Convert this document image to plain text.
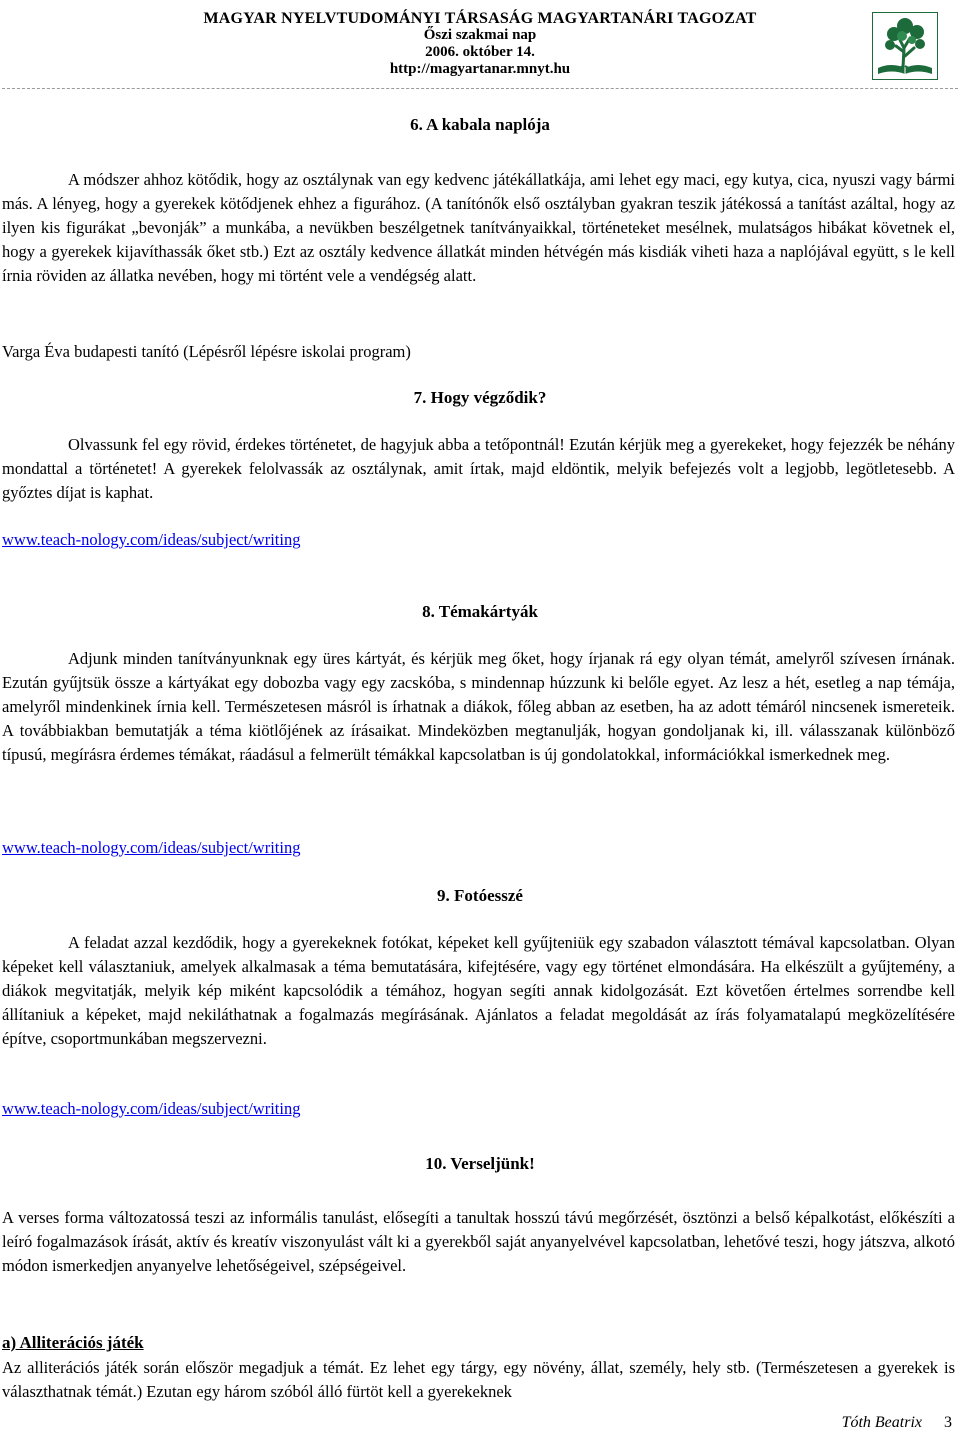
MAGYAR NYELVTUDOMÁNYI TÁRSASÁG MAGYARTANÁRI TAGOZAT
Őszi szakmai nap
2006. október 14.
http://magyartanar.mnyt.hu
6. A kabala naplója

A módszer ahhoz kötődik, hogy az osztálynak van egy kedvenc játékállatkája, ami lehet egy maci, egy kutya, cica, nyuszi vagy bármi más. A lényeg, hogy a gyerekek kötődjenek ehhez a figurához. (A tanítónők első osztályban gyakran teszik játékossá a tanítást azáltal, hogy az ilyen kis figurákat „bevonják” a munkába, a nevükben beszélgetnek tanítványaikkal, történeteket mesélnek, mulatságos hibákat követnek el, hogy a gyerekek kijavíthassák őket stb.) Ezt az osztály kedvence állatkát minden hétvégén más kisdiák viheti haza a naplójával együtt, s le kell írnia röviden az állatka nevében, hogy mi történt vele a vendégség alatt.

Varga Éva budapesti tanító (Lépésről lépésre iskolai program)
7. Hogy végződik?

Olvassunk fel egy rövid, érdekes történetet, de hagyjuk abba a tetőpontnál! Ezután kérjük meg a gyerekeket, hogy fejezzék be néhány mondattal a történetet! A gyerekek felolvassák az osztálynak, amit írtak, majd eldöntik, melyik befejezés volt a legjobb, legötletesebb. A győztes díjat is kaphat.

www.teach-nology.com/ideas/subject/writing
8. Témakártyák

Adjunk minden tanítványunknak egy üres kártyát, és kérjük meg őket, hogy írjanak rá egy olyan témát, amelyről szívesen írnának. Ezután gyűjtsük össze a kártyákat egy dobozba vagy egy zacskóba, s mindennap húzzunk ki belőle egyet. Az lesz a hét, esetleg a nap témája, amelyről mindenkinek írnia kell. Természetesen másról is írhatnak a diákok, főleg abban az esetben, ha az adott témáról nincsenek ismereteik. A továbbiakban bemutatják a téma kiötlőjének az írásaikat. Mindeközben megtanulják, hogyan gondoljanak ki, ill. válasszanak különböző típusú, megírásra érdemes témákat, ráadásul a felmerült témákkal kapcsolatban is új gondolatokkal, információkkal ismerkednek meg.

www.teach-nology.com/ideas/subject/writing
9. Fotóesszé

A feladat azzal kezdődik, hogy a gyerekeknek fotókat, képeket kell gyűjteniük egy szabadon választott témával kapcsolatban. Olyan képeket kell választaniuk, amelyek alkalmasak a téma bemutatására, kifejtésére, vagy egy történet elmondására. Ha elkészült a gyűjtemény, a diákok megvitatják, melyik kép miként kapcsolódik a témához, hogyan segíti annak kidolgozását. Ezt követően értelmes sorrendbe kell állítaniuk a képeket, majd nekiláthatnak a fogalmazás megírásának. Ajánlatos a feladat megoldását az írás folyamatalapú megközelítésére építve, csoportmunkában megszervezni.

www.teach-nology.com/ideas/subject/writing
10. Verseljünk!

A verses forma változatossá teszi az informális tanulást, elősegíti a tanultak hosszú távú megőrzését, ösztönzi a belső képalkotást, előkészíti a leíró fogalmazások írását, aktív és kreatív viszonyulást vált ki a gyerekből saját anyanyelvével kapcsolatban, lehetővé teszi, hogy játszva, alkotó módon ismerkedjen anyanyelve lehetőségeivel, szépségeivel.

a) Alliterációs játék

Az alliterációs játék során először megadjuk a témát. Ez lehet egy tárgy, egy növény, állat, személy, hely stb. (Természetesen a gyerekek is választhatnak témát.) Ezutan egy három szóból álló fürtöt kell a gyerekeknek

Tóth Beatrix 3
